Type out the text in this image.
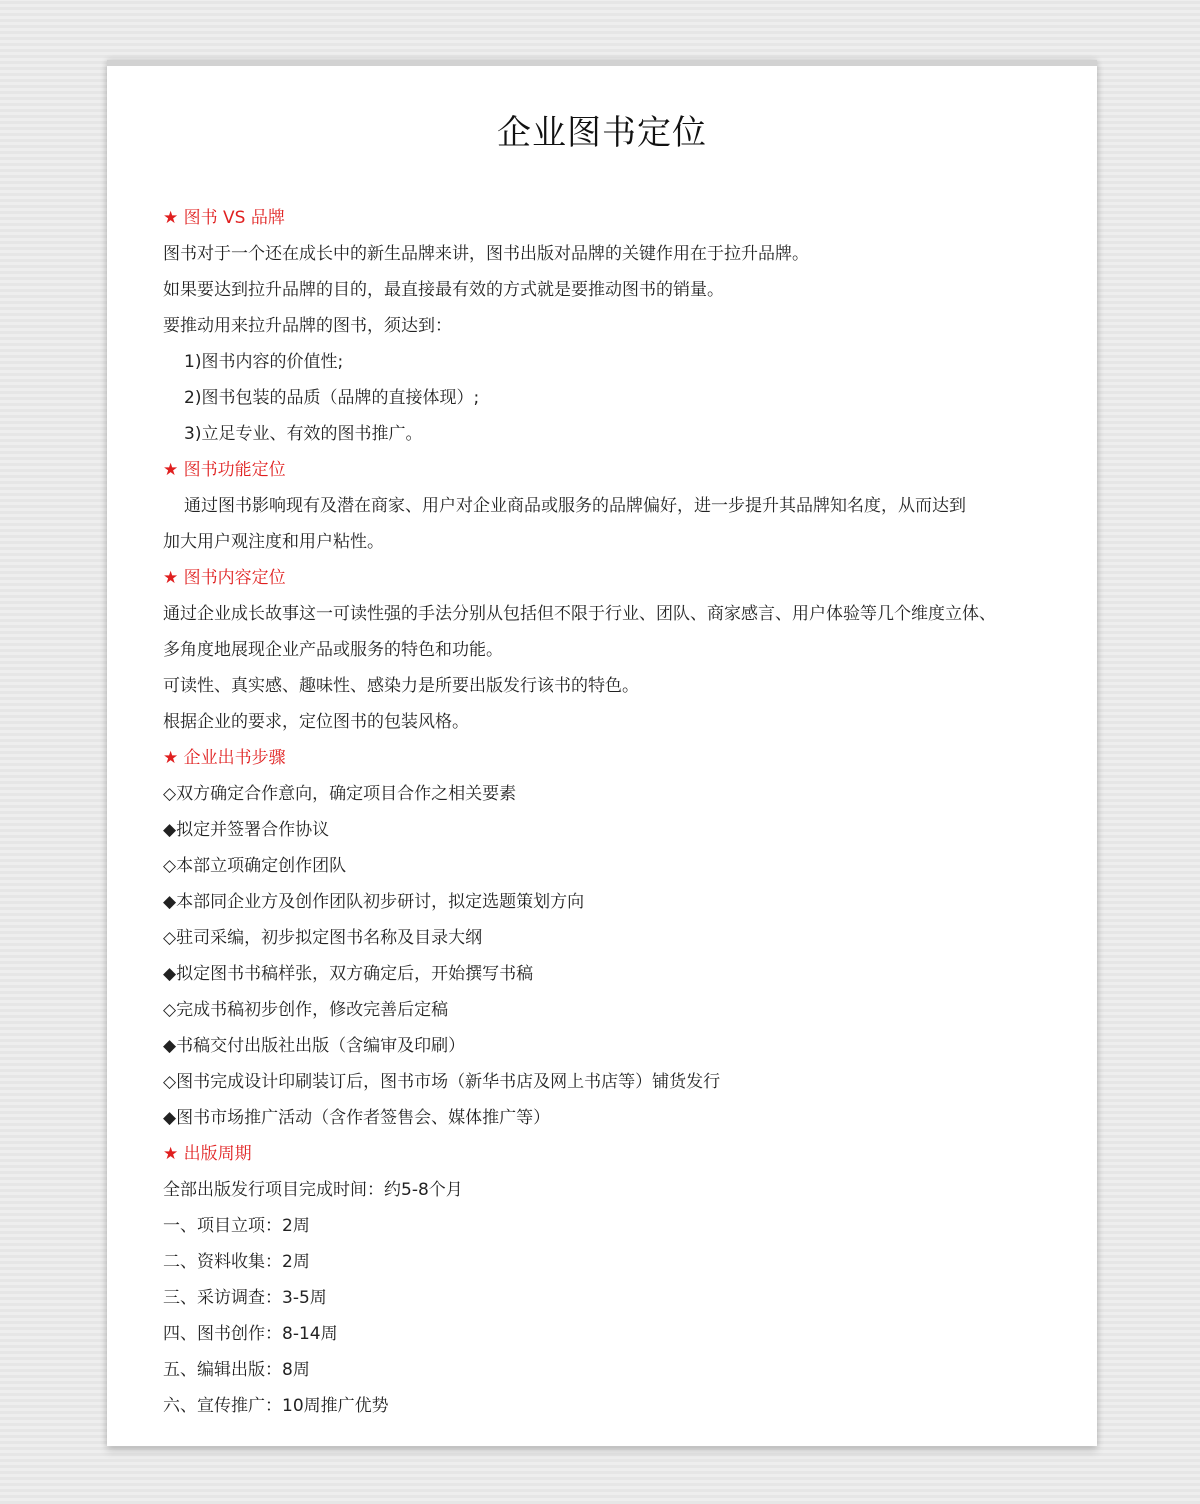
企业图书定位
★ 图书 VS 品牌
图书对于一个还在成长中的新生品牌来讲，图书出版对品牌的关键作用在于拉升品牌。
如果要达到拉升品牌的目的，最直接最有效的方式就是要推动图书的销量。
要推动用来拉升品牌的图书，须达到：
1)图书内容的价值性;
2)图书包装的品质（品牌的直接体现）;
3)立足专业、有效的图书推广。
★ 图书功能定位
通过图书影响现有及潜在商家、用户对企业商品或服务的品牌偏好，进一步提升其品牌知名度，从而达到
加大用户观注度和用户粘性。
★ 图书内容定位
通过企业成长故事这一可读性强的手法分别从包括但不限于行业、团队、商家感言、用户体验等几个维度立体、
多角度地展现企业产品或服务的特色和功能。
可读性、真实感、趣味性、感染力是所要出版发行该书的特色。
根据企业的要求，定位图书的包装风格。
★ 企业出书步骤
◇双方确定合作意向，确定项目合作之相关要素
◆拟定并签署合作协议
◇本部立项确定创作团队
◆本部同企业方及创作团队初步研讨，拟定选题策划方向
◇驻司采编，初步拟定图书名称及目录大纲
◆拟定图书书稿样张，双方确定后，开始撰写书稿
◇完成书稿初步创作，修改完善后定稿
◆书稿交付出版社出版（含编审及印刷）
◇图书完成设计印刷装订后，图书市场（新华书店及网上书店等）铺货发行
◆图书市场推广活动（含作者签售会、媒体推广等）
★ 出版周期
全部出版发行项目完成时间：约5-8个月
一、项目立项：2周
二、资料收集：2周
三、采访调查：3-5周
四、图书创作：8-14周
五、编辑出版：8周
六、宣传推广：10周推广优势
